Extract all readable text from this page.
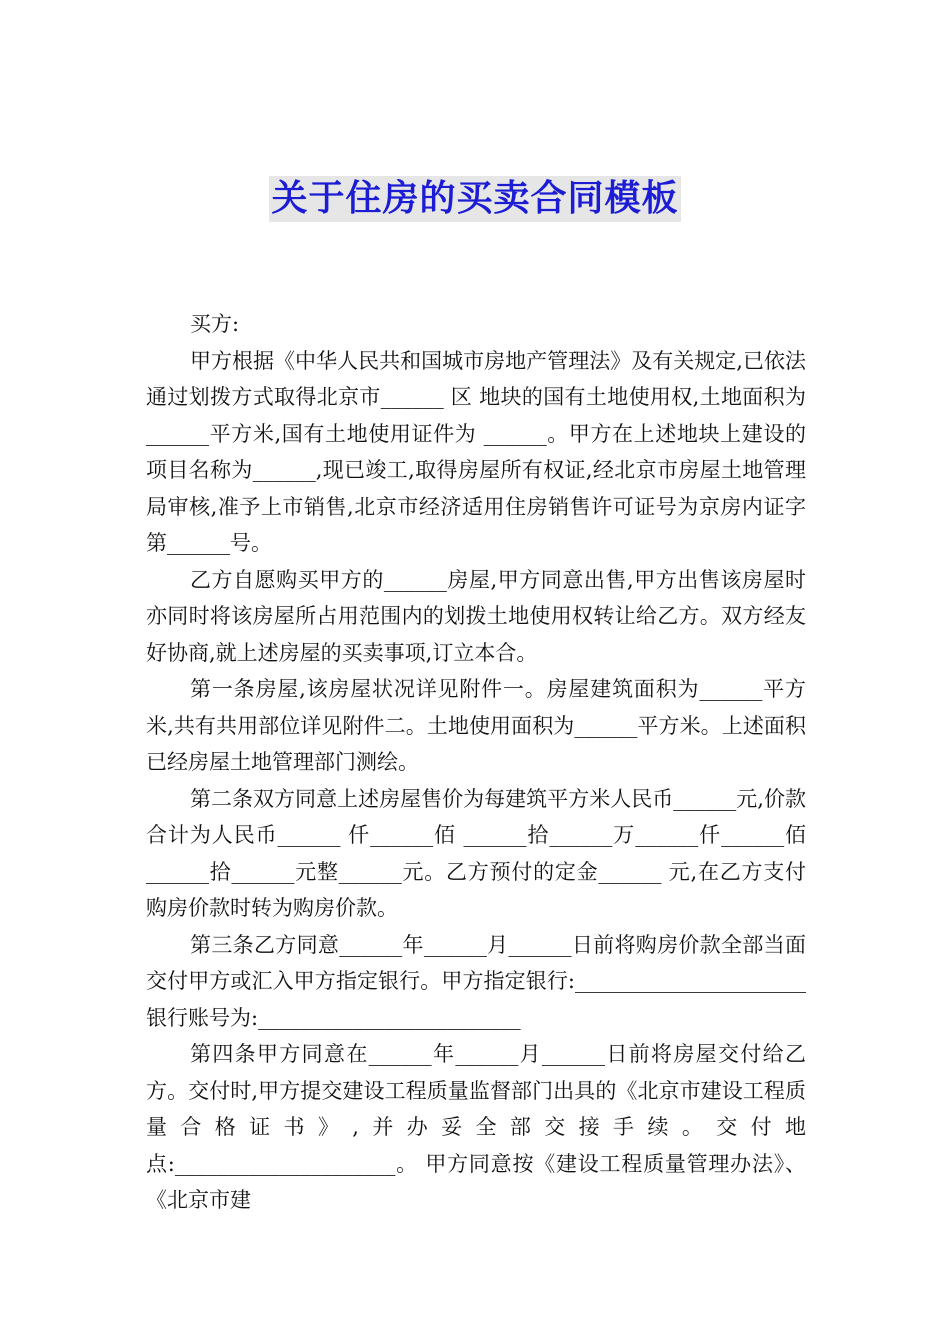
关于住房的买卖合同模板

买方:

甲方根据《中华人民共和国城市房地产管理法》及有关规定,已依法通过划拨方式取得北京市______ 区 地块的国有土地使用权,土地面积为 ______平方米,国有土地使用证件为 ______。甲方在上述地块上建设的项目名称为______,现已竣工,取得房屋所有权证,经北京市房屋土地管理局审核,准予上市销售,北京市经济适用住房销售许可证号为京房内证字第______号。

乙方自愿购买甲方的______房屋,甲方同意出售,甲方出售该房屋时亦同时将该房屋所占用范围内的划拨土地使用权转让给乙方。双方经友好协商,就上述房屋的买卖事项,订立本合。

第一条房屋,该房屋状况详见附件一。房屋建筑面积为______平方米,共有共用部位详见附件二。土地使用面积为______平方米。上述面积已经房屋土地管理部门测绘。

第二条双方同意上述房屋售价为每建筑平方米人民币______元,价款合计为人民币______ 仟______佰 ______拾______万______仟______佰______拾______元整______元。乙方预付的定金______ 元,在乙方支付购房价款时转为购房价款。

第三条乙方同意______年______月______日前将购房价款全部当面交付甲方或汇入甲方指定银行。甲方指定银行:______________________ 银行账号为:_________________________

第四条甲方同意在______年______月______日前将房屋交付给乙方。交付时,甲方提交建设工程质量监督部门出具的《北京市建设工程质量合格证书》,并办妥全部交接手续。交付地点:_____________________。 甲方同意按《建设工程质量管理办法》、《北京市建
